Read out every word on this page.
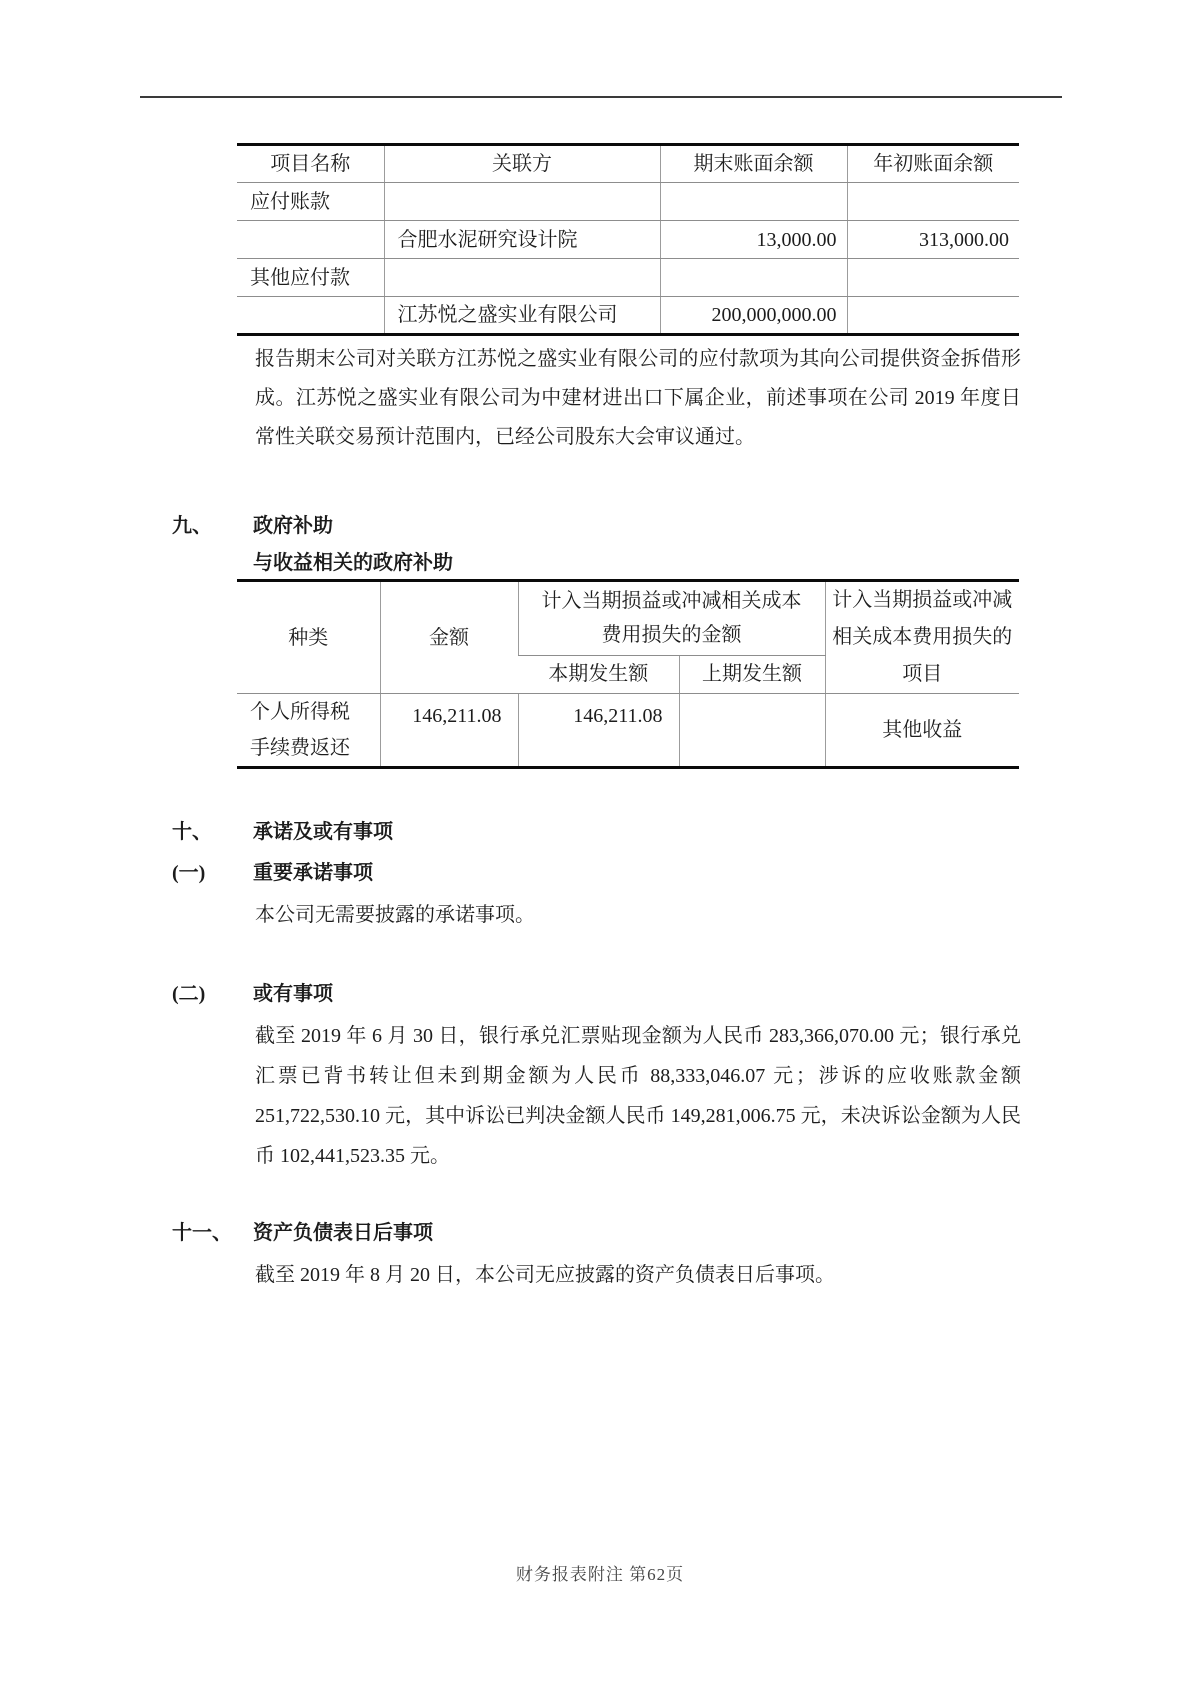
项目名称	关联方	期末账面余额	年初账面余额
应付账款			
	合肥水泥研究设计院	13,000.00	313,000.00
其他应付款			
	江苏悦之盛实业有限公司	200,000,000.00	
报告期末公司对关联方江苏悦之盛实业有限公司的应付款项为其向公司提供资金拆借形成。江苏悦之盛实业有限公司为中建材进出口下属企业，前述事项在公司 2019 年度日常性关联交易预计范围内，已经公司股东大会审议通过。
九、 政府补助
与收益相关的政府补助
种类	金额	计入当期损益或冲减相关成本费用损失的金额		计入当期损益或冲减相关成本费用损失的项目
		本期发生额	上期发生额	
个人所得税手续费返还	146,211.08	146,211.08		其他收益
十、 承诺及或有事项
(一) 重要承诺事项
本公司无需要披露的承诺事项。
(二) 或有事项
截至 2019 年 6 月 30 日，银行承兑汇票贴现金额为人民币 283,366,070.00 元；银行承兑汇票已背书转让但未到期金额为人民币 88,333,046.07 元；涉诉的应收账款金额 251,722,530.10 元，其中诉讼已判决金额人民币 149,281,006.75 元，未决诉讼金额为人民币 102,441,523.35 元。
十一、 资产负债表日后事项
截至 2019 年 8 月 20 日，本公司无应披露的资产负债表日后事项。
财务报表附注 第62页
